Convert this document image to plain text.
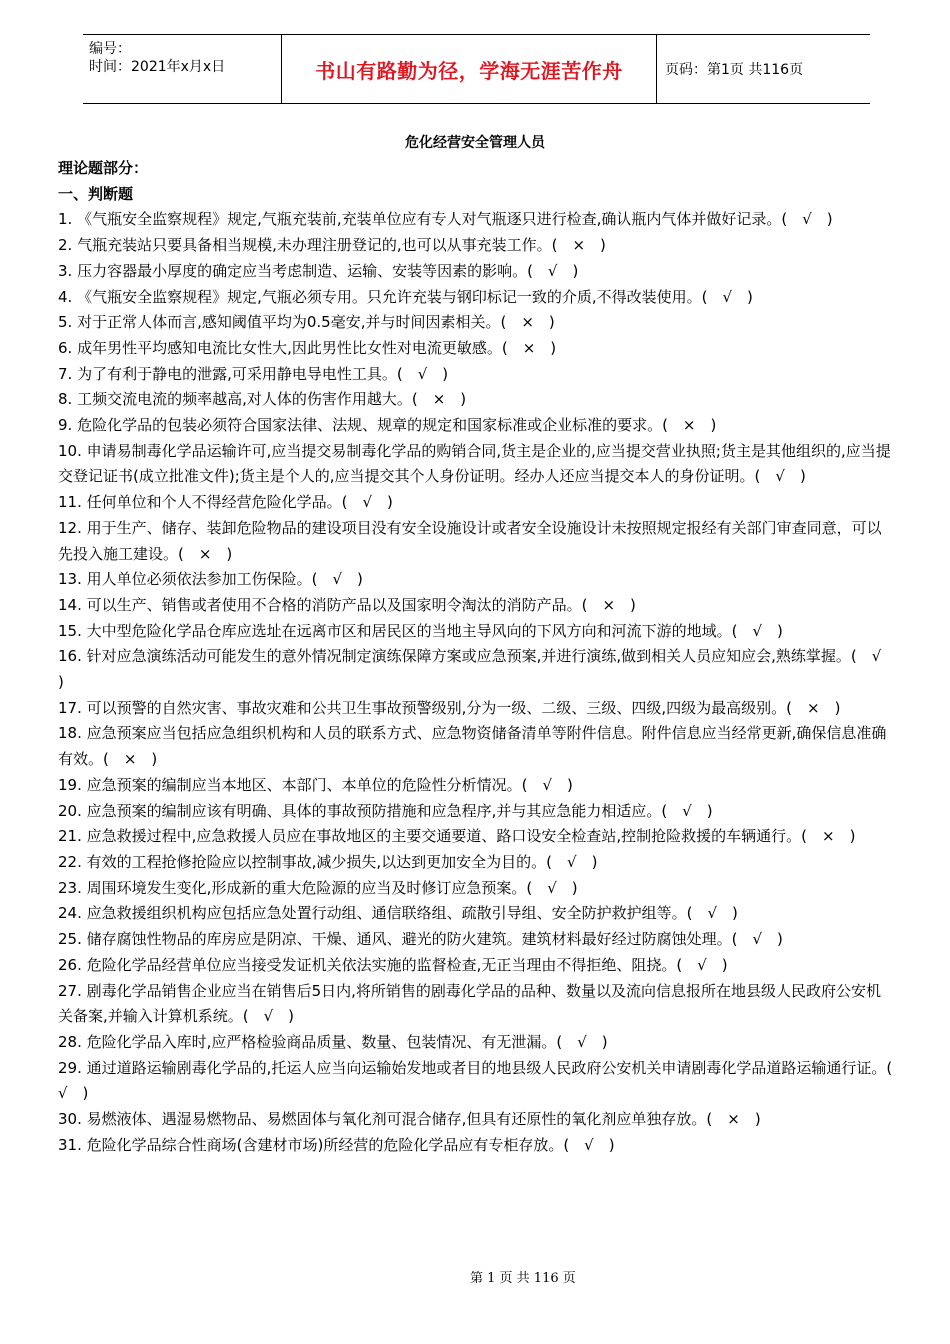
编号：
时间：2021年x月x日	书山有路勤为径，学海无涯苦作舟	页码：第1页 共116页
危化经营安全管理人员
理论题部分：
一、判断题
1. 《气瓶安全监察规程》规定,气瓶充装前,充装单位应有专人对气瓶逐只进行检查,确认瓶内气体并做好记录。(　√　)
2. 气瓶充装站只要具备相当规模,未办理注册登记的,也可以从事充装工作。(　×　)
3. 压力容器最小厚度的确定应当考虑制造、运输、安装等因素的影响。(　√　)
4. 《气瓶安全监察规程》规定,气瓶必须专用。只允许充装与钢印标记一致的介质,不得改装使用。(　√　)
5. 对于正常人体而言,感知阈值平均为0.5毫安,并与时间因素相关。(　×　)
6. 成年男性平均感知电流比女性大,因此男性比女性对电流更敏感。(　×　)
7. 为了有利于静电的泄露,可采用静电导电性工具。(　√　)
8. 工频交流电流的频率越高,对人体的伤害作用越大。(　×　)
9. 危险化学品的包装必须符合国家法律、法规、规章的规定和国家标准或企业标准的要求。(　×　)
10. 申请易制毒化学品运输许可,应当提交易制毒化学品的购销合同,货主是企业的,应当提交营业执照;货主是其他组织的,应当提交登记证书(成立批准文件);货主是个人的,应当提交其个人身份证明。经办人还应当提交本人的身份证明。(　√　)
11. 任何单位和个人不得经营危险化学品。(　√　)
12. 用于生产、储存、装卸危险物品的建设项目没有安全设施设计或者安全设施设计未按照规定报经有关部门审查同意，可以先投入施工建设。(　×　)
13. 用人单位必须依法参加工伤保险。(　√　)
14. 可以生产、销售或者使用不合格的消防产品以及国家明令淘汰的消防产品。(　×　)
15. 大中型危险化学品仓库应选址在远离市区和居民区的当地主导风向的下风方向和河流下游的地域。(　√　)
16. 针对应急演练活动可能发生的意外情况制定演练保障方案或应急预案,并进行演练,做到相关人员应知应会,熟练掌握。(　√　)
17. 可以预警的自然灾害、事故灾难和公共卫生事故预警级别,分为一级、二级、三级、四级,四级为最高级别。(　×　)
18. 应急预案应当包括应急组织机构和人员的联系方式、应急物资储备清单等附件信息。附件信息应当经常更新,确保信息准确有效。(　×　)
19. 应急预案的编制应当本地区、本部门、本单位的危险性分析情况。(　√　)
20. 应急预案的编制应该有明确、具体的事故预防措施和应急程序,并与其应急能力相适应。(　√　)
21. 应急救援过程中,应急救援人员应在事故地区的主要交通要道、路口设安全检查站,控制抢险救援的车辆通行。(　×　)
22. 有效的工程抢修抢险应以控制事故,减少损失,以达到更加安全为目的。(　√　)
23. 周围环境发生变化,形成新的重大危险源的应当及时修订应急预案。(　√　)
24. 应急救援组织机构应包括应急处置行动组、通信联络组、疏散引导组、安全防护救护组等。(　√　)
25. 储存腐蚀性物品的库房应是阴凉、干燥、通风、避光的防火建筑。建筑材料最好经过防腐蚀处理。(　√　)
26. 危险化学品经营单位应当接受发证机关依法实施的监督检查,无正当理由不得拒绝、阻挠。(　√　)
27. 剧毒化学品销售企业应当在销售后5日内,将所销售的剧毒化学品的品种、数量以及流向信息报所在地县级人民政府公安机关备案,并输入计算机系统。(　√　)
28. 危险化学品入库时,应严格检验商品质量、数量、包装情况、有无泄漏。(　√　)
29. 通过道路运输剧毒化学品的,托运人应当向运输始发地或者目的地县级人民政府公安机关申请剧毒化学品道路运输通行证。(　√　)
30. 易燃液体、遇湿易燃物品、易燃固体与氧化剂可混合储存,但具有还原性的氧化剂应单独存放。(　×　)
31. 危险化学品综合性商场(含建材市场)所经营的危险化学品应有专柜存放。(　√　)
第 1 页 共 116 页
